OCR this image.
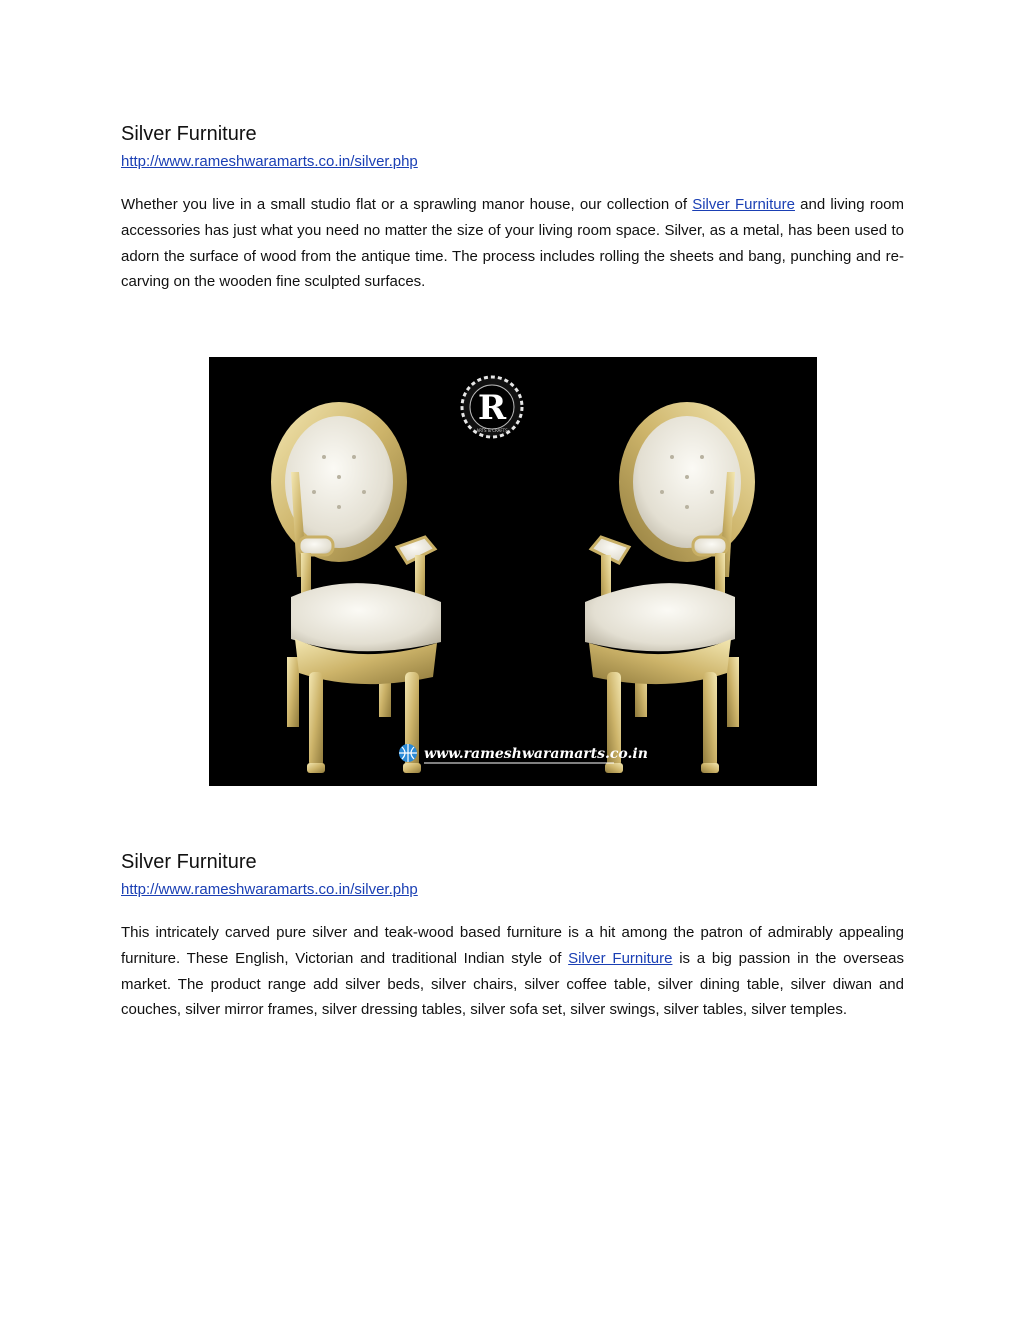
Silver Furniture
http://www.rameshwaramarts.co.in/silver.php

Whether you live in a small studio flat or a sprawling manor house, our collection of Silver Furniture and living room accessories has just what you need no matter the size of your living room space. Silver, as a metal, has been used to adorn the surface of wood from the antique time. The process includes rolling the sheets and bang, punching and re-carving on the wooden fine sculpted surfaces.

R
ARTS & CRAFTS
www.rameshwaramarts.co.in
Silver Furniture
http://www.rameshwaramarts.co.in/silver.php

This intricately carved pure silver and teak-wood based furniture is a hit among the patron of admirably appealing furniture. These English, Victorian and traditional Indian style of Silver Furniture is a big passion in the overseas market. The product range add silver beds, silver chairs, silver coffee table, silver dining table, silver diwan and couches, silver mirror frames, silver dressing tables, silver sofa set, silver swings, silver tables, silver temples.
